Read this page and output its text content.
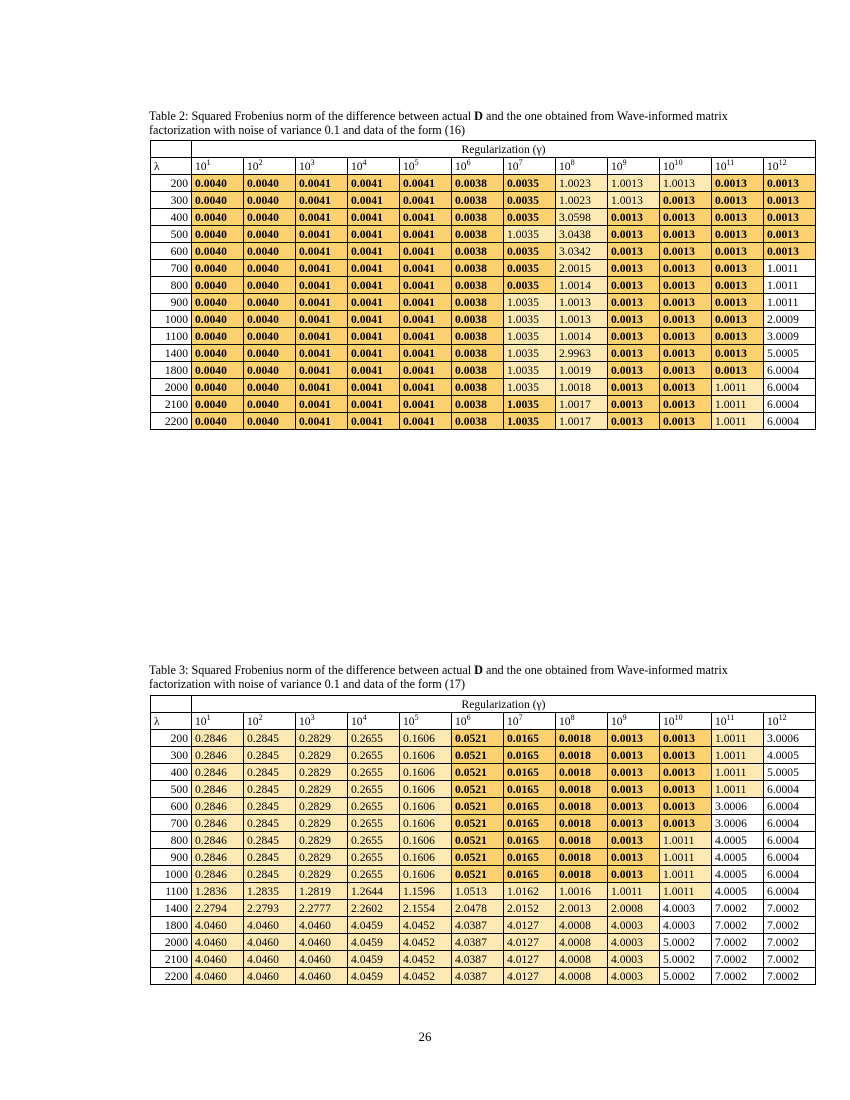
Table 2: Squared Frobenius norm of the difference between actual D and the one obtained from Wave-informed matrix factorization with noise of variance 0.1 and data of the form (16)
	Regularization (γ)											
λ	$10^1$	$10^2$	$10^3$	$10^4$	$10^5$	$10^6$	$10^7$	$10^8$	$10^9$	$10^{10}$	$10^{11}$	$10^{12}$
200	0.0040	0.0040	0.0041	0.0041	0.0041	0.0038	0.0035	1.0023	1.0013	1.0013	0.0013	0.0013
300	0.0040	0.0040	0.0041	0.0041	0.0041	0.0038	0.0035	1.0023	1.0013	0.0013	0.0013	0.0013
400	0.0040	0.0040	0.0041	0.0041	0.0041	0.0038	0.0035	3.0598	0.0013	0.0013	0.0013	0.0013
500	0.0040	0.0040	0.0041	0.0041	0.0041	0.0038	1.0035	3.0438	0.0013	0.0013	0.0013	0.0013
600	0.0040	0.0040	0.0041	0.0041	0.0041	0.0038	0.0035	3.0342	0.0013	0.0013	0.0013	0.0013
700	0.0040	0.0040	0.0041	0.0041	0.0041	0.0038	0.0035	2.0015	0.0013	0.0013	0.0013	1.0011
800	0.0040	0.0040	0.0041	0.0041	0.0041	0.0038	0.0035	1.0014	0.0013	0.0013	0.0013	1.0011
900	0.0040	0.0040	0.0041	0.0041	0.0041	0.0038	1.0035	1.0013	0.0013	0.0013	0.0013	1.0011
1000	0.0040	0.0040	0.0041	0.0041	0.0041	0.0038	1.0035	1.0013	0.0013	0.0013	0.0013	2.0009
1100	0.0040	0.0040	0.0041	0.0041	0.0041	0.0038	1.0035	1.0014	0.0013	0.0013	0.0013	3.0009
1400	0.0040	0.0040	0.0041	0.0041	0.0041	0.0038	1.0035	2.9963	0.0013	0.0013	0.0013	5.0005
1800	0.0040	0.0040	0.0041	0.0041	0.0041	0.0038	1.0035	1.0019	0.0013	0.0013	0.0013	6.0004
2000	0.0040	0.0040	0.0041	0.0041	0.0041	0.0038	1.0035	1.0018	0.0013	0.0013	1.0011	6.0004
2100	0.0040	0.0040	0.0041	0.0041	0.0041	0.0038	1.0035	1.0017	0.0013	0.0013	1.0011	6.0004
2200	0.0040	0.0040	0.0041	0.0041	0.0041	0.0038	1.0035	1.0017	0.0013	0.0013	1.0011	6.0004
Table 3: Squared Frobenius norm of the difference between actual D and the one obtained from Wave-informed matrix factorization with noise of variance 0.1 and data of the form (17)
	Regularization (γ)											
λ	$10^1$	$10^2$	$10^3$	$10^4$	$10^5$	$10^6$	$10^7$	$10^8$	$10^9$	$10^{10}$	$10^{11}$	$10^{12}$
200	0.2846	0.2845	0.2829	0.2655	0.1606	0.0521	0.0165	0.0018	0.0013	0.0013	1.0011	3.0006
300	0.2846	0.2845	0.2829	0.2655	0.1606	0.0521	0.0165	0.0018	0.0013	0.0013	1.0011	4.0005
400	0.2846	0.2845	0.2829	0.2655	0.1606	0.0521	0.0165	0.0018	0.0013	0.0013	1.0011	5.0005
500	0.2846	0.2845	0.2829	0.2655	0.1606	0.0521	0.0165	0.0018	0.0013	0.0013	1.0011	6.0004
600	0.2846	0.2845	0.2829	0.2655	0.1606	0.0521	0.0165	0.0018	0.0013	0.0013	3.0006	6.0004
700	0.2846	0.2845	0.2829	0.2655	0.1606	0.0521	0.0165	0.0018	0.0013	0.0013	3.0006	6.0004
800	0.2846	0.2845	0.2829	0.2655	0.1606	0.0521	0.0165	0.0018	0.0013	1.0011	4.0005	6.0004
900	0.2846	0.2845	0.2829	0.2655	0.1606	0.0521	0.0165	0.0018	0.0013	1.0011	4.0005	6.0004
1000	0.2846	0.2845	0.2829	0.2655	0.1606	0.0521	0.0165	0.0018	0.0013	1.0011	4.0005	6.0004
1100	1.2836	1.2835	1.2819	1.2644	1.1596	1.0513	1.0162	1.0016	1.0011	1.0011	4.0005	6.0004
1400	2.2794	2.2793	2.2777	2.2602	2.1554	2.0478	2.0152	2.0013	2.0008	4.0003	7.0002	7.0002
1800	4.0460	4.0460	4.0460	4.0459	4.0452	4.0387	4.0127	4.0008	4.0003	4.0003	7.0002	7.0002
2000	4.0460	4.0460	4.0460	4.0459	4.0452	4.0387	4.0127	4.0008	4.0003	5.0002	7.0002	7.0002
2100	4.0460	4.0460	4.0460	4.0459	4.0452	4.0387	4.0127	4.0008	4.0003	5.0002	7.0002	7.0002
2200	4.0460	4.0460	4.0460	4.0459	4.0452	4.0387	4.0127	4.0008	4.0003	5.0002	7.0002	7.0002
26
